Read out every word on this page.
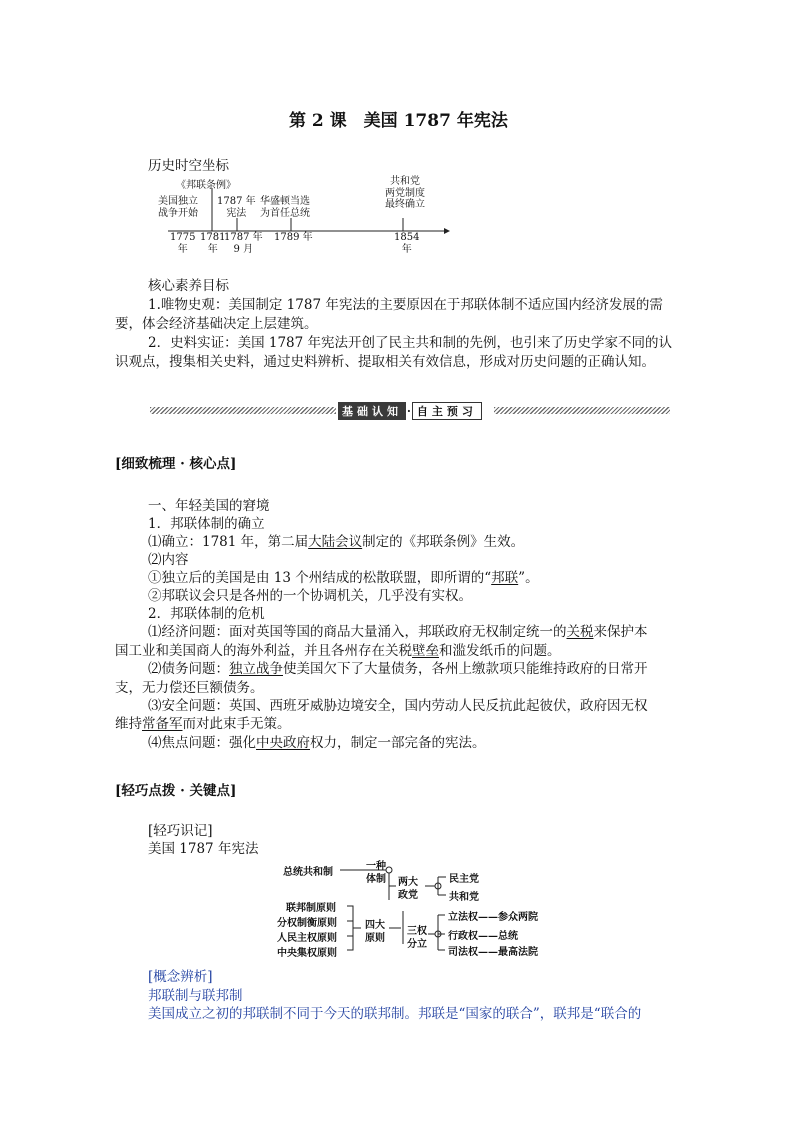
第 2 课　美国 1787 年宪法
历史时空坐标
《邦联条例》
美国独立
战争开始
1787 年
宪法
华盛顿当选
为首任总统
共和党
两党制度
最终确立
1775
年
1781
年
1787 年
9 月
1789 年	1854
年
核心素养目标
1.唯物史观：美国制定 1787 年宪法的主要原因在于邦联体制不适应国内经济发展的需
要，体会经济基础决定上层建筑。
2．史料实证：美国 1787 年宪法开创了民主共和制的先例，也引来了历史学家不同的认
识观点，搜集相关史料，通过史料辨析、提取相关有效信息，形成对历史问题的正确认知。
基础认知 · 自主预习
[细致梳理 · 核心点]
一、年轻美国的窘境
1．邦联体制的确立
⑴确立：1781 年，第二届大陆会议制定的《邦联条例》生效。
⑵内容
①独立后的美国是由 13 个州结成的松散联盟，即所谓的“邦联”。
②邦联议会只是各州的一个协调机关，几乎没有实权。
2．邦联体制的危机
⑴经济问题：面对英国等国的商品大量涌入，邦联政府无权制定统一的关税来保护本
国工业和美国商人的海外利益，并且各州存在关税壁垒和滥发纸币的问题。
⑵债务问题：独立战争使美国欠下了大量债务，各州上缴款项只能维持政府的日常开
支，无力偿还巨额债务。
⑶安全问题：英国、西班牙威胁边境安全，国内劳动人民反抗此起彼伏，政府因无权
维持常备军而对此束手无策。
⑷焦点问题：强化中央政府权力，制定一部完备的宪法。
[轻巧点拨 · 关键点]
[轻巧识记]
美国 1787 年宪法
总统共和制
一种
体制 两大
政党
民主党
共和党
联邦制原则
分权制衡原则
人民主权原则
中央集权原则
四大
原则
三权
分立
立法权——参众两院
行政权——总统
司法权——最高法院
[概念辨析]
邦联制与联邦制
美国成立之初的邦联制不同于今天的联邦制。邦联是“国家的联合”，联邦是“联合的
